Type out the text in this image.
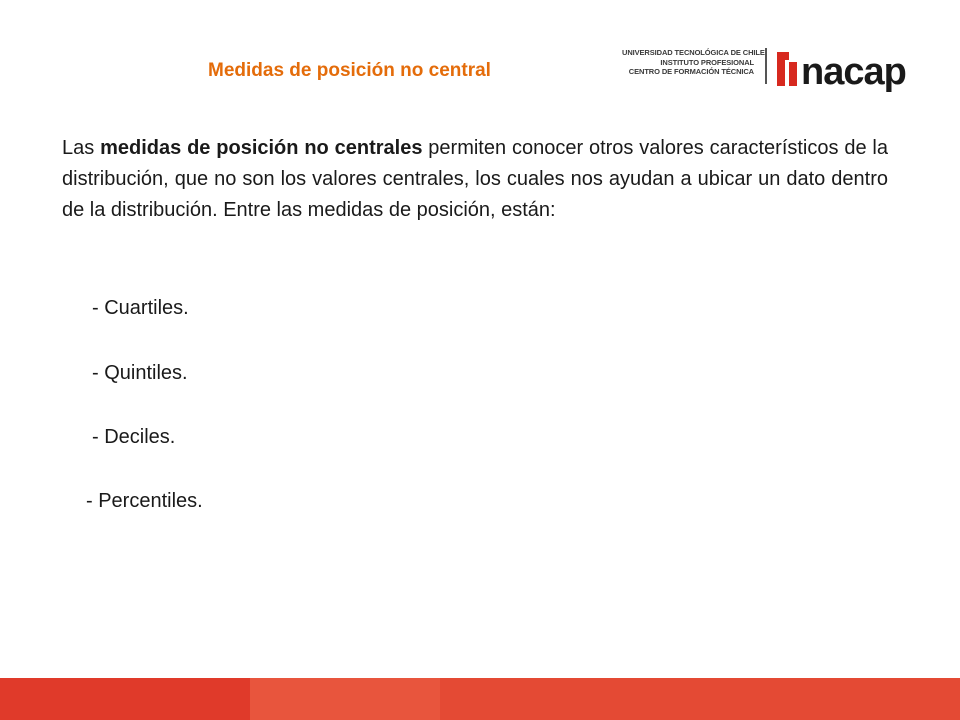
Medidas de posición no central
UNIVERSIDAD TECNOLÓGICA DE CHILE
INSTITUTO PROFESIONAL
CENTRO DE FORMACIÓN TÉCNICA nacap
Las medidas de posición no centrales permiten conocer otros valores característicos de la distribución, que no son los valores centrales, los cuales nos ayudan a ubicar un dato dentro de la distribución. Entre las medidas de posición, están:
- Cuartiles.
- Quintiles.
- Deciles.
- Percentiles.
